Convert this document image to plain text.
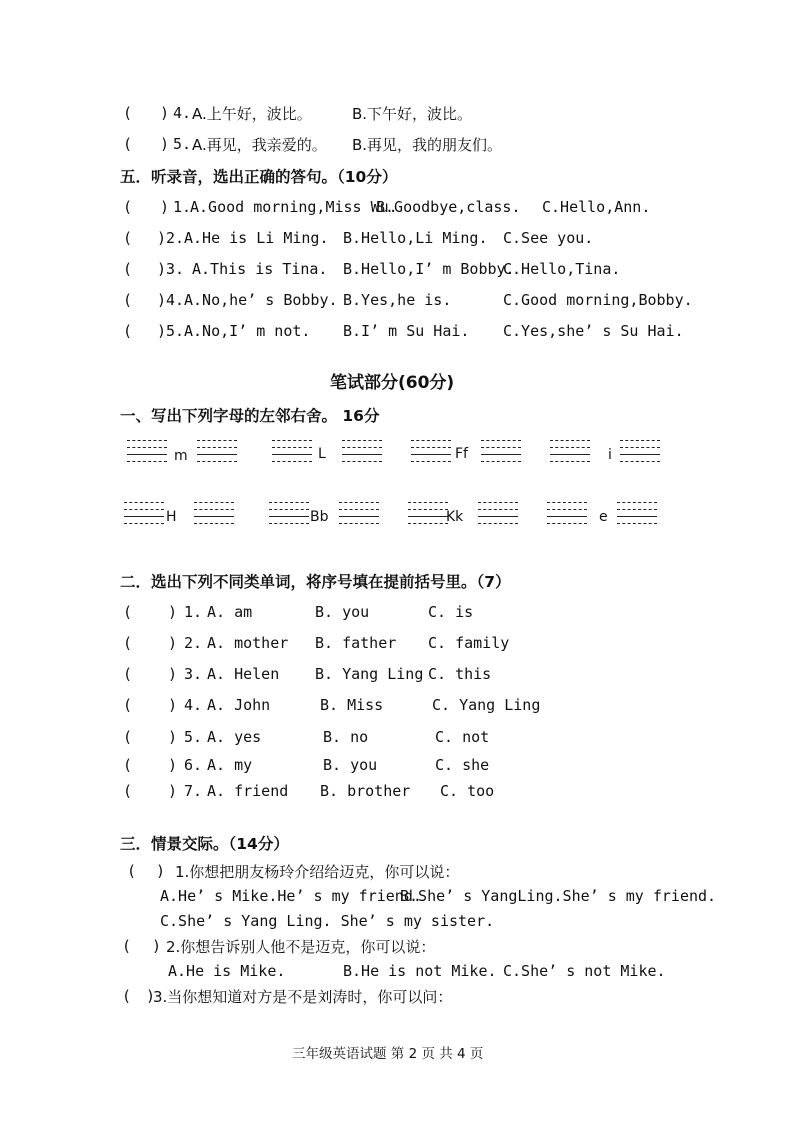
( ) 4. A.上午好，波比。	B.下午好，波比。
( ) 5. A.再见，我亲爱的。 B.再见，我的朋友们。
五．听录音，选出正确的答句。（10分）
( ) 1.
A.Good morning,Miss Wu.
B.Goodbye,class. C.Hello,Ann.
( ) 2. A.He is Li Ming. B.Hello,Li Ming. C.See you.
( ) 3. A.This is Tina. B.Hello,I’ m Bobby.
C.Hello,Tina.
( ) 4. A.No,he’ s Bobby. B.Yes,he is.	C.Good morning,Bobby.
( ) 5. A.No,I’ m not. B.I’ m Su Hai. C.Yes,she’ s Su Hai.
笔试部分(60分)
一、写出下列字母的左邻右舍。 16分
m	L	Ff	i
H	Bb	Kk	e
二．选出下列不同类单词，将序号填在提前括号里。（7）
( ) 1. A. am	B. you	C. is
( ) 2. A. mother B. father C. family
( ) 3. A. Helen B. Yang Ling C. this
( ) 4. A. John	B. Miss	C. Yang Ling
( ) 5. A. yes	B. no	C. not
( ) 6. A. my	B. you	C. she
( ) 7. A. friend B. brother C. too
三．情景交际。（14分）
( ) 1.你想把朋友杨玲介绍给迈克，你可以说：
A.He’ s Mike.He’ s my friend.
B.She’ s YangLing.She’ s my friend.
C.She’ s Yang Ling. She’ s my sister.
( ) 2.你想告诉别人他不是迈克，你可以说：
A.He is Mike.	B.He is not Mike. C.She’ s not Mike.
( )
3.当你想知道对方是不是刘涛时，你可以问：
三年级英语试题 第 2 页 共 4 页
